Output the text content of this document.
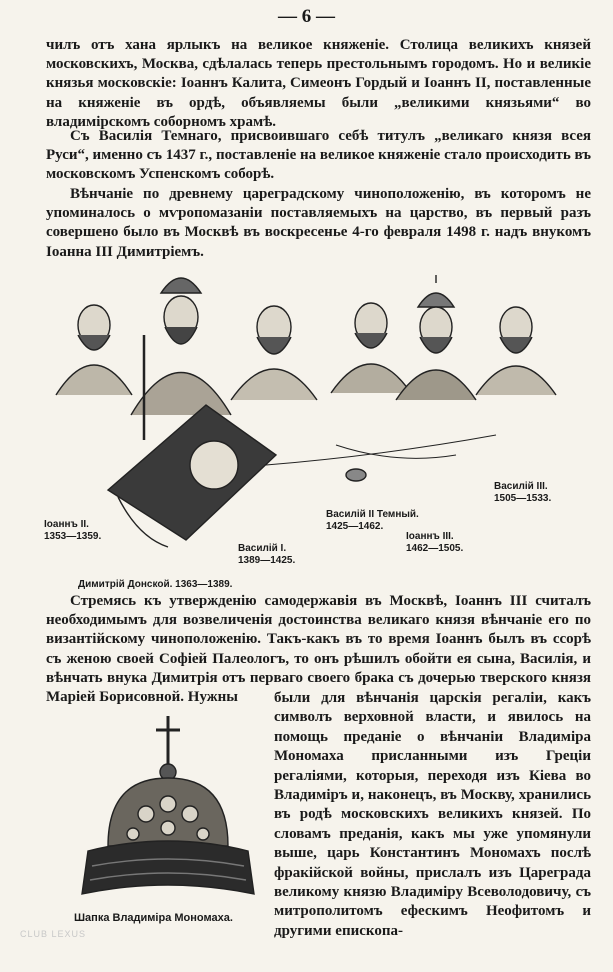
— 6 —

чилъ отъ хана ярлыкъ на великое княженіе. Столица великихъ князей московскихъ, Москва, сдѣлалась теперь престольнымъ городомъ. Но и великіе князья московскіе: Іоаннъ Калита, Симеонъ Гордый и Іоаннъ II, поставленные на княженіе въ ордѣ, объявляемы были „великими князьями“ во владимірскомъ соборномъ храмѣ.

Съ Василія Темнаго, присвоившаго себѣ титулъ „великаго князя всея Руси“, именно съ 1437 г., поставленіе на великое княженіе стало происходить въ московскомъ Успенскомъ соборѣ.

Вѣнчаніе по древнему цареградскому чиноположенію, въ которомъ не упоминалось о мѵропомазаніи поставляемыхъ на царство, въ первый разъ совершено было въ Москвѣ въ воскресенье 4-го февраля 1498 г. надъ внукомъ Іоанна III Димитріемъ.

Іоаннъ II.
1353—1359.
Василій I.
1389—1425.
Василій II Темный.
1425—1462.
Іоаннъ III.
1462—1505.
Василій III.
1505—1533.
Димитрій Донской. 1363—1389.

Стремясь къ утвержденію самодержавія въ Москвѣ, Іоаннъ III считалъ необходимымъ для возвеличенія достоинства великаго князя вѣнчаніе его по византійскому чиноположенію. Такъ-какъ въ то время Іоаннъ былъ въ ссорѣ съ женою своей Софіей Палеологъ, то онъ рѣшилъ обойти ея сына, Василія, и вѣнчать внука Димитрія отъ перваго своего брака съ дочерью тверского князя Маріей Борисовной. Нужны	были для вѣнчанія царскія регаліи, какъ символъ верховной власти, и явилось на помощь преданіе о вѣнчаніи Владиміра Мономаха присланными изъ Греціи регаліями, которыя, переходя изъ Кіева во Владиміръ и, наконецъ, въ Москву, хранились въ родѣ московскихъ великихъ князей. По словамъ преданія, какъ мы уже упомянули выше, царь Константинъ Мономахъ послѣ фракійской войны, прислалъ изъ Цареграда великому князю Владиміру Всеволодовичу, съ митрополитомъ ефескимъ Неофитомъ и другими епископа-

Шапка Владиміра Мономаха.
CLUB LEXUS
